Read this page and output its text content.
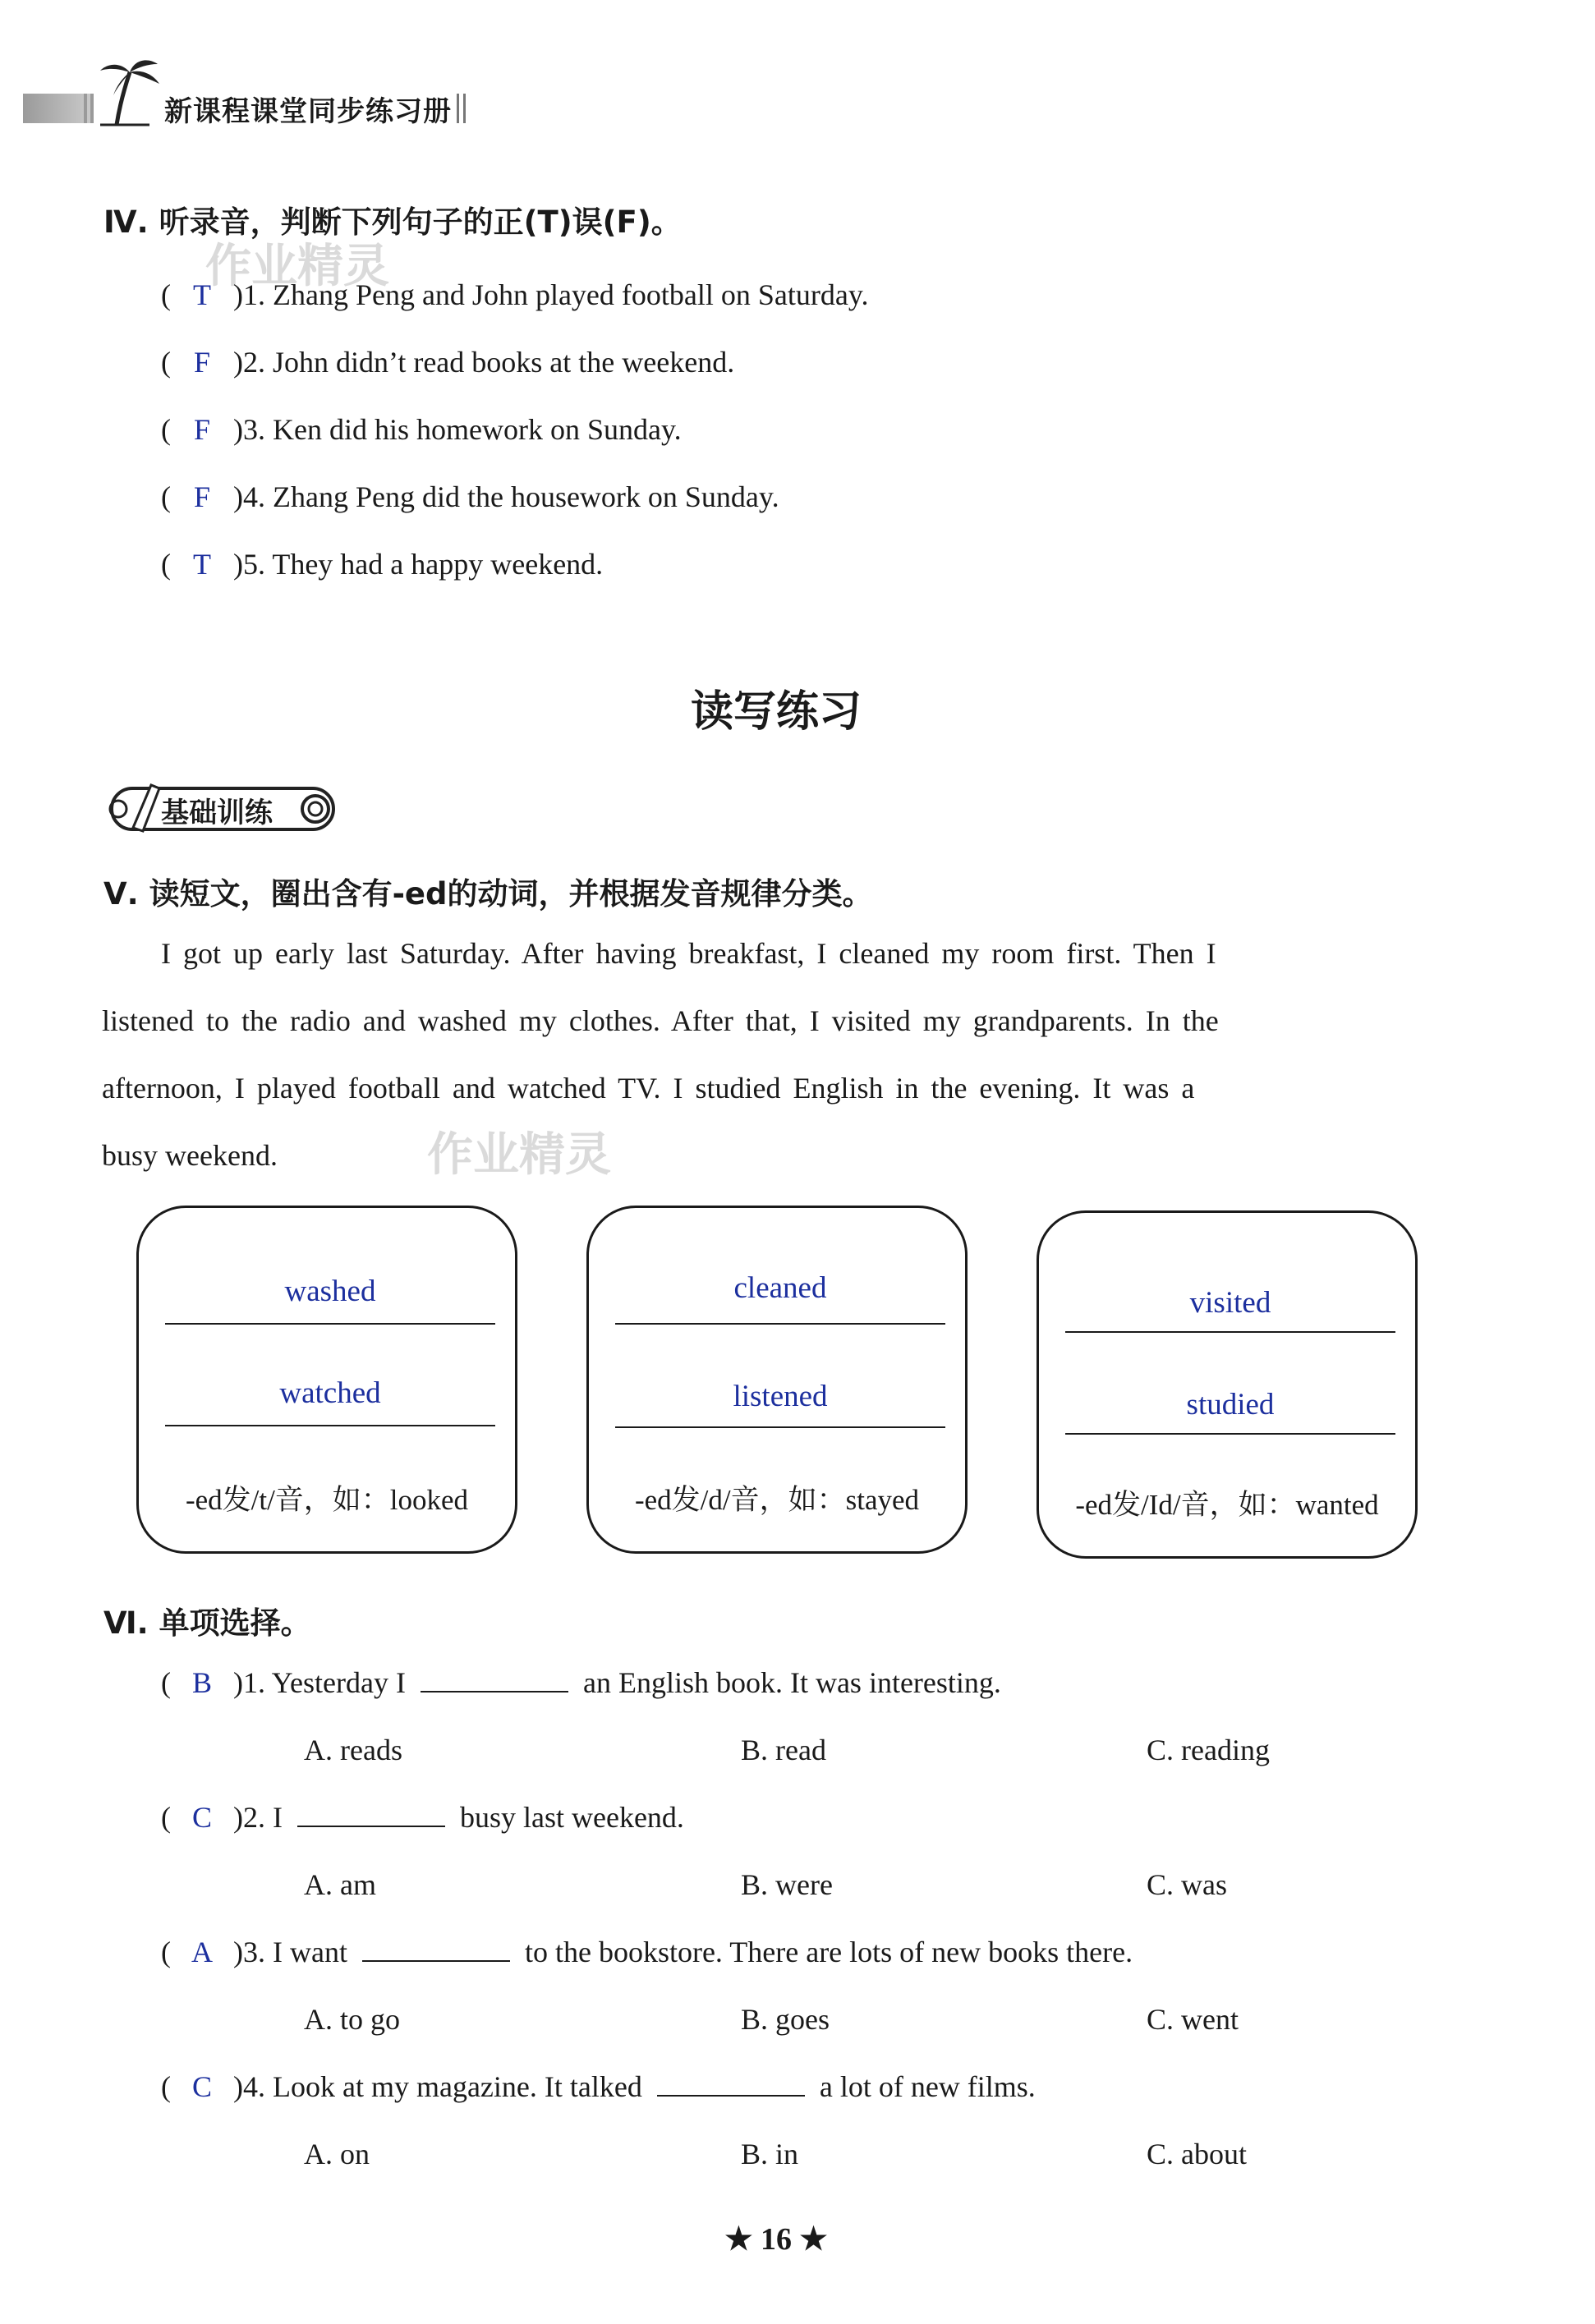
新课程课堂同步练习册
Ⅳ. 听录音，判断下列句子的正(T)误(F)。
作业精灵
( T )1. Zhang Peng and John played football on Saturday.
( F )2. John didn’t read books at the weekend.
( F )3. Ken did his homework on Sunday.
( F )4. Zhang Peng did the housework on Sunday.
( T )5. They had a happy weekend.
读写练习
基础训练
Ⅴ. 读短文，圈出含有-ed的动词，并根据发音规律分类。
I got up early last Saturday. After having breakfast, I cleaned my room first. Then I
listened to the radio and washed my clothes. After that, I visited my grandparents. In the
afternoon, I played football and watched TV. I studied English in the evening. It was a
busy weekend.	作业精灵
washed
watched
-ed发/t/音，如：looked
cleaned
listened
-ed发/d/音，如：stayed
visited
studied
-ed发/Id/音，如：wanted
Ⅵ. 单项选择。
( B )1. Yesterday I	an English book. It was interesting.
A. reads	B. read	C. reading
( C )2. I	busy last weekend.
A. am	B. were	C. was
( A )3. I want	to the bookstore. There are lots of new books there.
A. to go	B. goes	C. went
( C )4. Look at my magazine. It talked	a lot of new films.
A. on	B. in	C. about
★ 16 ★
